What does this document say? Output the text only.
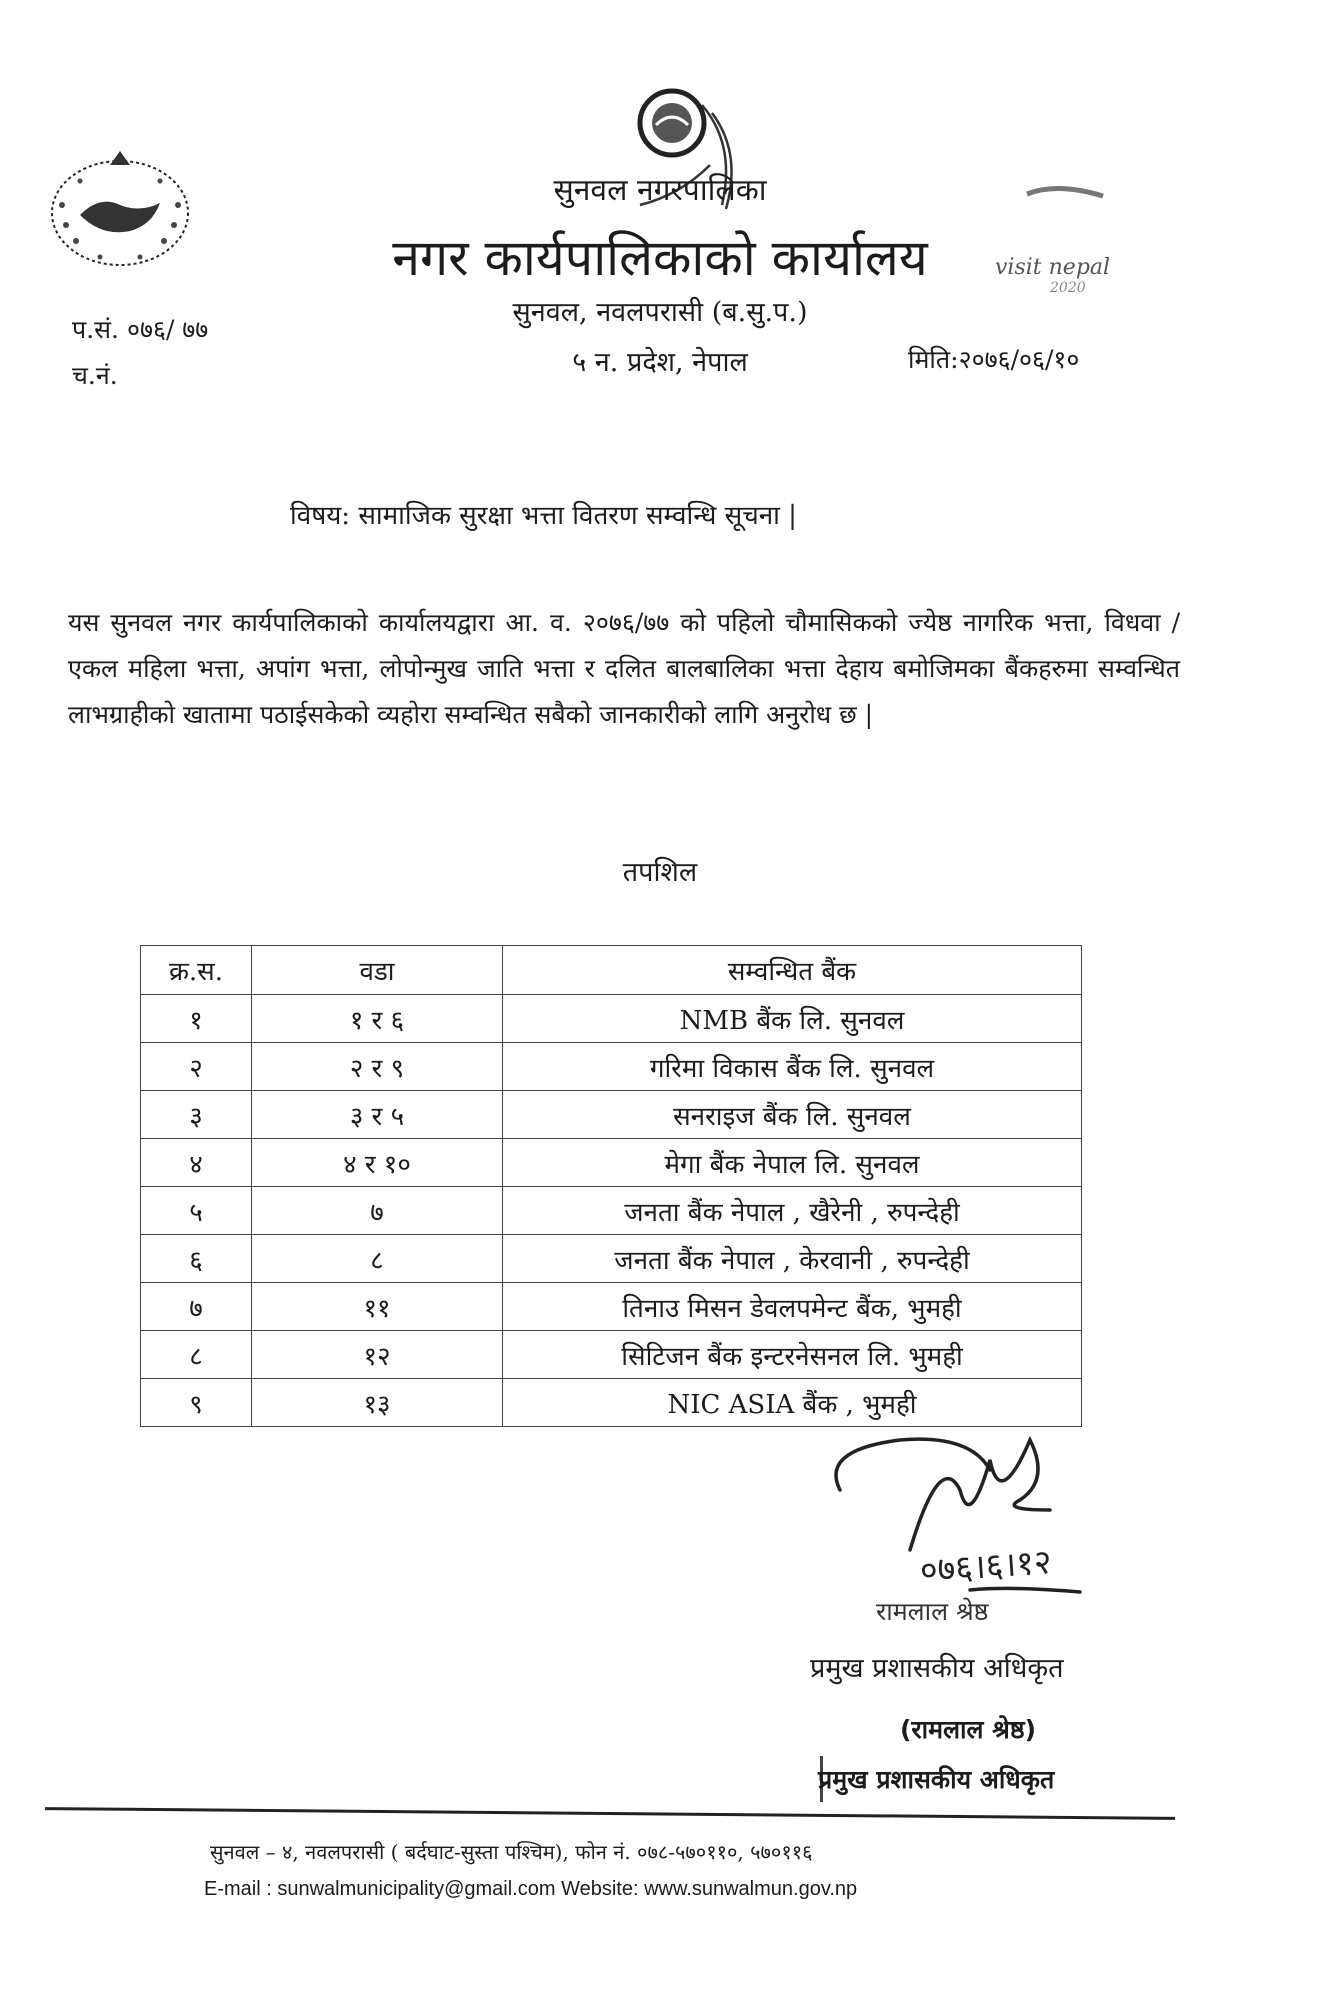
सुनवल नगरपालिका
नगर कार्यपालिकाको कार्यालय
सुनवल, नवलपरासी (ब.सु.प.)
५ न. प्रदेश, नेपाल
visit nepal
2020
प.सं. ०७६/ ७७
च.नं.
मिति:२०७६/०६/१०
विषय: सामाजिक सुरक्षा भत्ता वितरण सम्वन्धि सूचना |

यस सुनवल नगर कार्यपालिकाको कार्यालयद्वारा आ. व. २०७६/७७ को पहिलो चौमासिकको ज्येष्ठ नागरिक भत्ता, विधवा / एकल महिला भत्ता, अपांग भत्ता, लोपोन्मुख जाति भत्ता र दलित बालबालिका भत्ता देहाय बमोजिमका बैंकहरुमा सम्वन्धित लाभग्राहीको खातामा पठाईसकेको व्यहोरा सम्वन्धित सबैको जानकारीको लागि अनुरोध छ |

तपशिल
क्र.स.	वडा	सम्वन्धित बैंक
१	१ र ६	NMB बैंक लि. सुनवल
२	२ र ९	गरिमा विकास बैंक लि. सुनवल
३	३ र ५	सनराइज बैंक लि. सुनवल
४	४ र १०	मेगा बैंक नेपाल लि. सुनवल
५	७	जनता बैंक नेपाल , खैरेनी , रुपन्देही
६	८	जनता बैंक नेपाल , केरवानी , रुपन्देही
७	११	तिनाउ मिसन डेवलपमेन्ट बैंक, भुमही
८	१२	सिटिजन बैंक इन्टरनेसनल लि. भुमही
९	१३	NIC ASIA बैंक , भुमही
०७६।६।१२
रामलाल श्रेष्ठ
प्रमुख प्रशासकीय अधिकृत
(रामलाल श्रेष्ठ)
प्रमुख प्रशासकीय अधिकृत
सुनवल – ४, नवलपरासी ( बर्दघाट-सुस्ता पश्चिम), फोन नं. ०७८-५७०११०, ५७०११६
E-mail : sunwalmunicipality@gmail.com Website: www.sunwalmun.gov.np
